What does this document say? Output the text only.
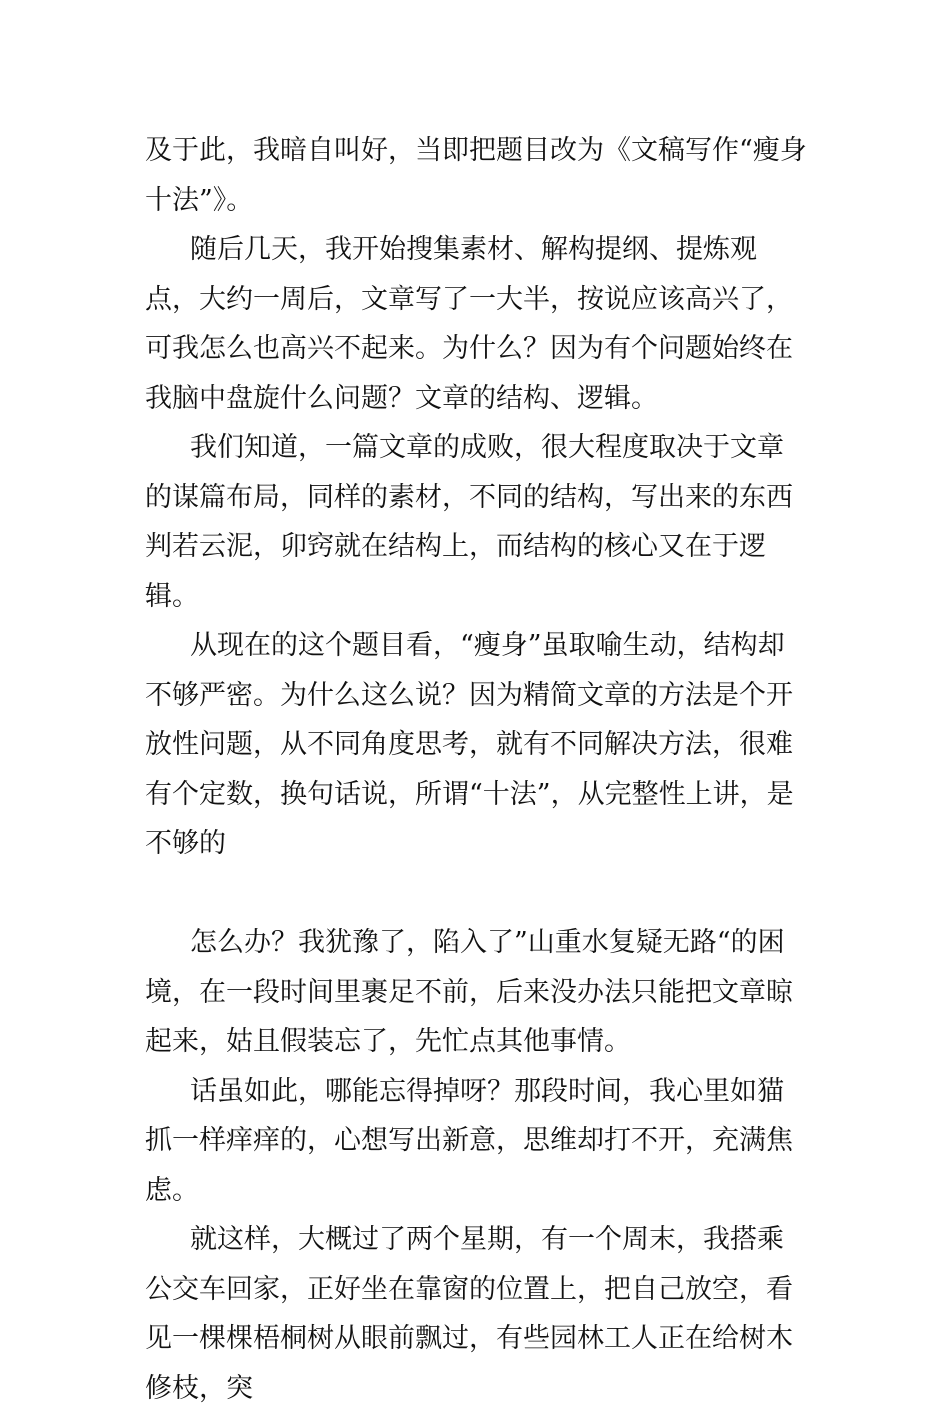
及于此，我暗自叫好，当即把题目改为《文稿写作“瘦身十法”》。

随后几天，我开始搜集素材、解构提纲、提炼观点，大约一周后，文章写了一大半，按说应该高兴了，可我怎么也高兴不起来。为什么？因为有个问题始终在我脑中盘旋什么问题？文章的结构、逻辑。

我们知道，一篇文章的成败，很大程度取决于文章的谋篇布局，同样的素材，不同的结构，写出来的东西判若云泥，卯窍就在结构上，而结构的核心又在于逻辑。

从现在的这个题目看，“瘦身”虽取喻生动，结构却不够严密。为什么这么说？因为精简文章的方法是个开放性问题，从不同角度思考，就有不同解决方法，很难有个定数，换句话说，所谓“十法”，从完整性上讲，是不够的

怎么办？我犹豫了，陷入了”山重水复疑无路“的困境，在一段时间里裹足不前，后来没办法只能把文章晾起来，姑且假装忘了，先忙点其他事情。

话虽如此，哪能忘得掉呀？那段时间，我心里如猫抓一样痒痒的，心想写出新意，思维却打不开，充满焦虑。

就这样，大概过了两个星期，有一个周末，我搭乘公交车回家，正好坐在靠窗的位置上，把自己放空，看见一棵棵梧桐树从眼前飘过，有些园林工人正在给树木修枝，突
